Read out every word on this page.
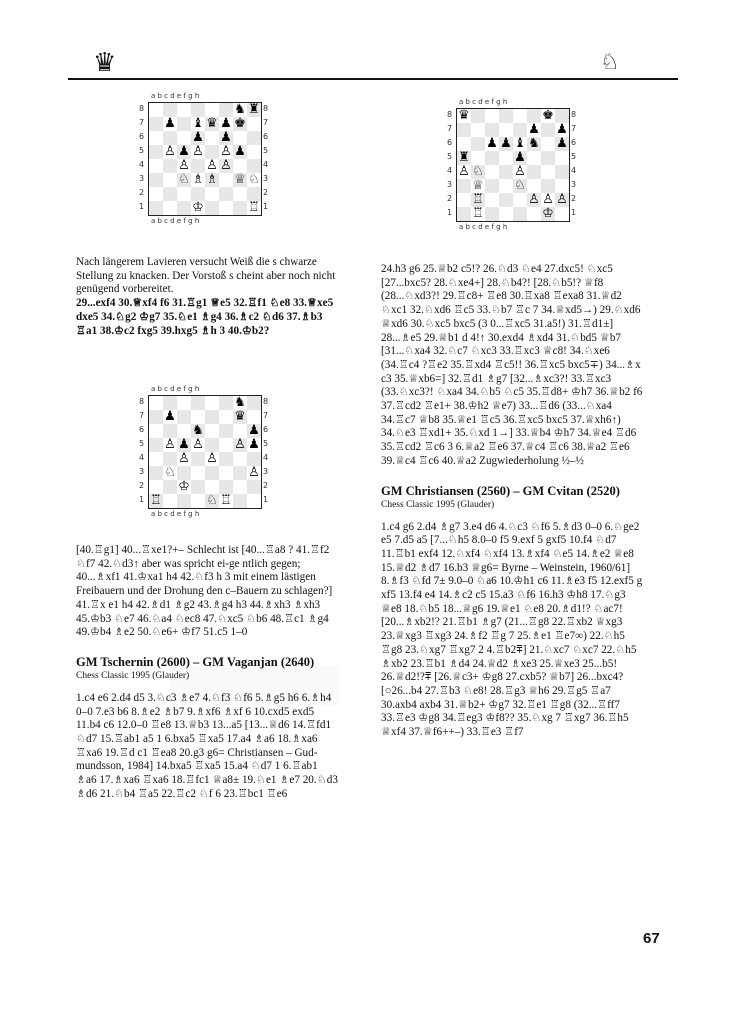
♛	♘
a b c d e f g h
a b c d e f g h
8	8
7	7
6	6
5	5
4	4
3	3
2	2
1	1
♞ ♜
♟ ♝ ♛ ♟ ♚
♟ ♟
♙ ♟ ♙ ♙ ♟
♙ ♙ ♙
♘ ♗ ♗ ♕ ♘
♔	♖
a b c d e f g h
a b c d e f g h
8	8
7	7
6	6
5	5
4	4
3	3
2	2
1	1
♛	♚
♟ ♟
♟ ♟ ♝ ♞ ♟
♜	♟
♙ ♘ ♙
♕ ♘
♖	♙ ♙ ♙
♖	♔
a b c d e f g h
a b c d e f g h
8	8
7	7
6	6
5	5
4	4
3	3
2	2
1	1
♞
♟	♛
♞	♟
♙ ♟ ♙ ♙ ♟
♙ ♙
♘	♙
♔
♖	♘ ♖

Nach längerem Lavieren versucht Weiß die s chwarze Stellung zu knacken. Der Vorstoß s cheint aber noch nicht genügend vorbereitet.

29...exf4 30.♕xf4 f6 31.♖g1 ♕e5 32.♖f1 ♘e8 33.♕xe5 dxe5 34.♘g2 ♔g7 35.♘e1 ♗g4 36.♗c2 ♘d6 37.♗b3 ♖a1 38.♔c2 fxg5 39.hxg5 ♗h 3 40.♔b2?

[40.♖g1] 40...♖xe1?+– Schlecht ist [40...♖a8 ? 41.♖f2 ♘f7 42.♘d3↑ aber was spricht ei-ge ntlich gegen; 40...♗xf1 41.♔xa1 h4 42.♘f3 h 3 mit einem lästigen Freibauern und der Drohung den c–Bauern zu schlagen?] 41.♖x e1 h4 42.♗d1 ♗g2 43.♗g4 h3 44.♗xh3 ♗xh3 45.♔b3 ♘e7 46.♘a4 ♘ec8 47.♘xc5 ♘b6 48.♖c1 ♗g4 49.♔b4 ♗e2 50.♘e6+ ♔f7 51.c5 1–0

GM Tschernin (2600) – GM Vaganjan (2640)
Chess Classic 1995 (Glauder)

1.c4 e6 2.d4 d5 3.♘c3 ♗e7 4.♘f3 ♘f6 5.♗g5 h6 6.♗h4 0–0 7.e3 b6 8.♗e2 ♗b7 9.♗xf6 ♗xf 6 10.cxd5 exd5 11.b4 c6 12.0–0 ♖e8 13.♕b3 13...a5 [13...♕d6 14.♖fd1 ♘d7 15.♖ab1 a5 1 6.bxa5 ♖xa5 17.a4 ♗a6 18.♗xa6 ♖xa6 19.♖d c1 ♖ea8 20.g3 g6= Christiansen – Gud-mundsson, 1984] 14.bxa5 ♖xa5 15.a4 ♘d7 1 6.♖ab1 ♗a6 17.♗xa6 ♖xa6 18.♖fc1 ♕a8± 19.♘e1 ♗e7 20.♘d3 ♗d6 21.♘b4 ♖a5 22.♖c2 ♘f 6 23.♖bc1 ♖e6

24.h3 g6 25.♕b2 c5!? 26.♘d3 ♘e4 27.dxc5! ♘xc5 [27...bxc5? 28.♘xe4+] 28.♘b4?! [28.♘b5!? ♕f8 (28...♘xd3?! 29.♖c8+ ♖e8 30.♖xa8 ♖exa8 31.♕d2 ♘xc1 32.♘xd6 ♖c5 33.♘b7 ♖c 7 34.♕xd5→) 29.♘xd6 ♕xd6 30.♘xc5 bxc5 (3 0...♖xc5 31.a5!) 31.♖d1±] 28...♗e5 29.♕b1 d 4!↑ 30.exd4 ♗xd4 31.♘bd5 ♕b7 [31...♘xa4 32.♘c7 ♘xc3 33.♖xc3 ♕c8! 34.♘xe6 (34.♖c4 ?♖e2 35.♖xd4 ♖c5!! 36.♖xc5 bxc5∓) 34...♗x c3 35.♕xb6=] 32.♖d1 ♗g7 [32...♗xc3?! 33.♖xc3 (33.♘xc3?! ♘xa4 34.♘b5 ♘c5 35.♖d8+ ♔h7 36.♕b2 f6 37.♖cd2 ♖e1+ 38.♔h2 ♕e7) 33...♖d6 (33...♘xa4 34.♖c7 ♕b8 35.♕e1 ♖c5 36.♖xc5 bxc5 37.♕xh6↑) 34.♘e3 ♖xd1+ 35.♘xd 1→] 33.♕b4 ♔h7 34.♕e4 ♖d6 35.♖cd2 ♖c6 3 6.♕a2 ♖e6 37.♕c4 ♖c6 38.♕a2 ♖e6 39.♕c4 ♖c6 40.♕a2 Zugwiederholung ½–½

GM Christiansen (2560) – GM Cvitan (2520)
Chess Classic 1995 (Glauder)

1.c4 g6 2.d4 ♗g7 3.e4 d6 4.♘c3 ♘f6 5.♗d3 0–0 6.♘ge2 e5 7.d5 a5 [7...♘h5 8.0–0 f5 9.exf 5 gxf5 10.f4 ♘d7 11.♖b1 exf4 12.♘xf4 ♘xf4 13.♗xf4 ♘e5 14.♗e2 ♕e8 15.♕d2 ♗d7 16.b3 ♕g6= Byrne – Weinstein, 1960/61] 8.♗f3 ♘fd 7± 9.0–0 ♘a6 10.♔h1 c6 11.♗e3 f5 12.exf5 g xf5 13.f4 e4 14.♗c2 c5 15.a3 ♘f6 16.h3 ♔h8 17.♘g3 ♕e8 18.♘b5 18...♕g6 19.♕e1 ♘e8 20.♗d1!? ♘ac7! [20...♗xb2!? 21.♖b1 ♗g7 (21...♖g8 22.♖xb2 ♕xg3 23.♕xg3 ♖xg3 24.♗f2 ♖g 7 25.♗e1 ♖e7∞) 22.♘h5 ♖g8 23.♘xg7 ♖xg7 2 4.♖b2⩱] 21.♘xc7 ♘xc7 22.♘h5 ♗xb2 23.♖b1 ♗d4 24.♕d2 ♗xe3 25.♕xe3 25...b5! 26.♕d2!?⩱ [26.♕c3+ ♔g8 27.cxb5? ♕b7] 26...bxc4? [○26...b4 27.♖b3 ♘e8! 28.♖g3 ♕h6 29.♖g5 ♖a7 30.axb4 axb4 31.♕b2+ ♔g7 32.♖e1 ♖g8 (32...♖ff7 33.♖e3 ♔g8 34.♖eg3 ♔f8?? 35.♘xg 7 ♖xg7 36.♖h5 ♕xf4 37.♕f6++–) 33.♖e3 ♖f7

67
